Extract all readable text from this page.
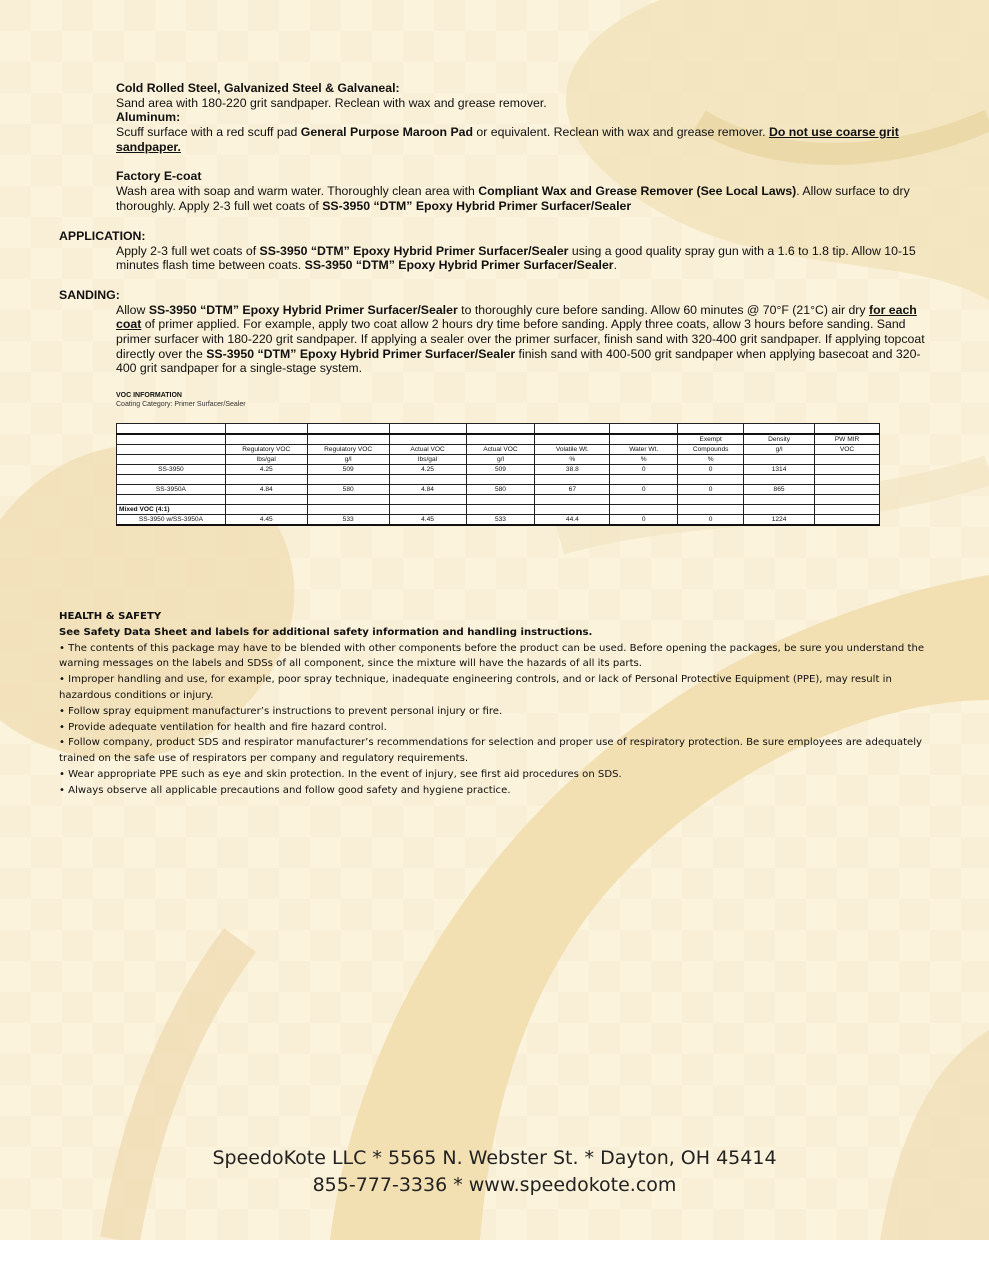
Cold Rolled Steel, Galvanized Steel & Galvaneal:
Sand area with 180-220 grit sandpaper. Reclean with wax and grease remover.
Aluminum:
Scuff surface with a red scuff pad General Purpose Maroon Pad or equivalent. Reclean with wax and grease remover. Do not use coarse grit sandpaper.
Factory E-coat
Wash area with soap and warm water. Thoroughly clean area with Compliant Wax and Grease Remover (See Local Laws). Allow surface to dry thoroughly. Apply 2-3 full wet coats of SS-3950 “DTM” Epoxy Hybrid Primer Surfacer/Sealer
APPLICATION:
Apply 2-3 full wet coats of SS-3950 “DTM” Epoxy Hybrid Primer Surfacer/Sealer using a good quality spray gun with a 1.6 to 1.8 tip. Allow 10-15 minutes flash time between coats. SS-3950 “DTM” Epoxy Hybrid Primer Surfacer/Sealer.
SANDING:
Allow SS-3950 “DTM” Epoxy Hybrid Primer Surfacer/Sealer to thoroughly cure before sanding. Allow 60 minutes @ 70°F (21°C) air dry for each coat of primer applied. For example, apply two coat allow 2 hours dry time before sanding. Apply three coats, allow 3 hours before sanding. Sand primer surfacer with 180-220 grit sandpaper. If applying a sealer over the primer surfacer, finish sand with 320-400 grit sandpaper. If applying topcoat directly over the SS-3950 “DTM” Epoxy Hybrid Primer Surfacer/Sealer finish sand with 400-500 grit sandpaper when applying basecoat and 320-400 grit sandpaper for a single-stage system.
VOC INFORMATION
Coating Category: Primer Surfacer/Sealer

							Exempt	Density	PW MIR
	Regulatory VOC	Regulatory VOC	Actual VOC	Actual VOC	Volatile Wt.	Water Wt.	Compounds	g/l	VOC
	lbs/gal	g/l	lbs/gal	g/l	%	%	%		
SS-3950	4.25	509	4.25	509	38.8	0	0	1314	

SS-3950A	4.84	580	4.84	580	67	0	0	865	

Mixed VOC (4:1)									
SS-3950 w/SS-3950A	4.45	533	4.45	533	44.4	0	0	1224	

HEALTH & SAFETY

See Safety Data Sheet and labels for additional safety information and handling instructions.

• The contents of this package may have to be blended with other components before the product can be used. Before opening the packages, be sure you understand the warning messages on the labels and SDSs of all component, since the mixture will have the hazards of all its parts.

• Improper handling and use, for example, poor spray technique, inadequate engineering controls, and or lack of Personal Protective Equipment (PPE), may result in hazardous conditions or injury.

• Follow spray equipment manufacturer’s instructions to prevent personal injury or fire.

• Provide adequate ventilation for health and fire hazard control.

• Follow company, product SDS and respirator manufacturer’s recommendations for selection and proper use of respiratory protection. Be sure employees are adequately trained on the safe use of respirators per company and regulatory requirements.

• Wear appropriate PPE such as eye and skin protection. In the event of injury, see first aid procedures on SDS.

• Always observe all applicable precautions and follow good safety and hygiene practice.

SpeedoKote LLC * 5565 N. Webster St. * Dayton, OH 45414
855-777-3336 * www.speedokote.com
